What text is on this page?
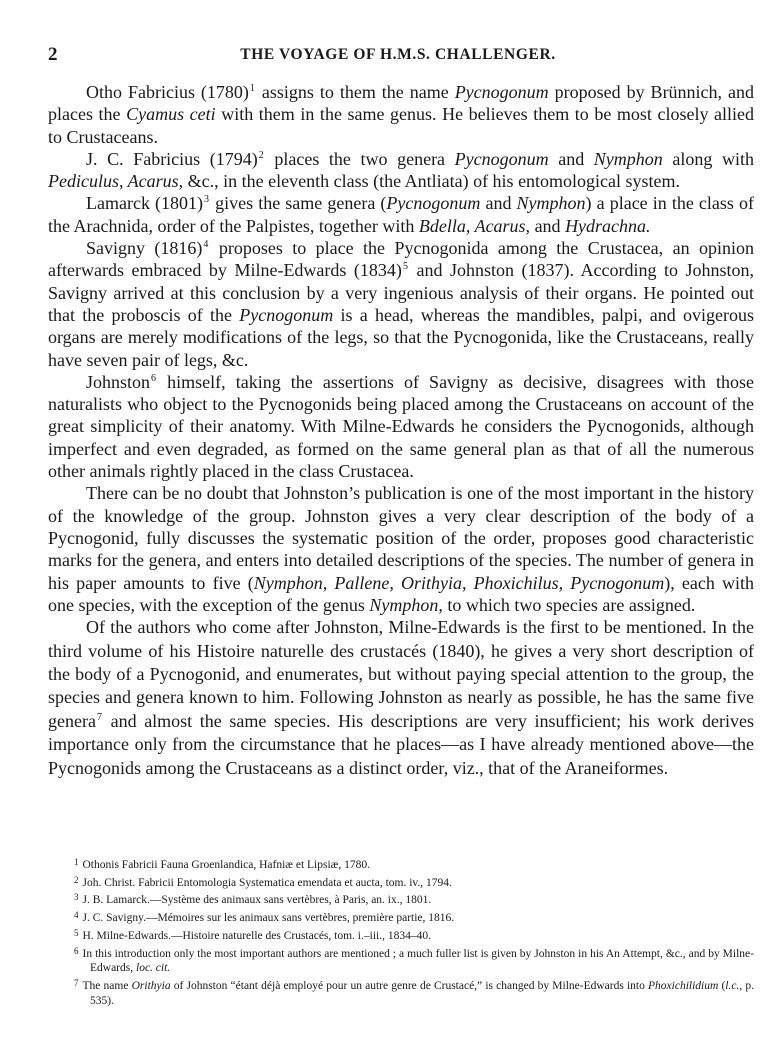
2	THE VOYAGE OF H.M.S. CHALLENGER.

Otho Fabricius $(1780)^1$ assigns to them the name Pycnogonum proposed by Brünnich, and places the Cyamus ceti with them in the same genus. He believes them to be most closely allied to Crustaceans.

J. C. Fabricius $(1794)^2$ places the two genera Pycnogonum and Nymphon along with Pediculus, Acarus, &c., in the eleventh class (the Antliata) of his entomological system.

Lamarck $(1801)^3$ gives the same genera (Pycnogonum and Nymphon) a place in the class of the Arachnida, order of the Palpistes, together with Bdella, Acarus, and Hydrachna.

Savigny $(1816)^4$ proposes to place the Pycnogonida among the Crustacea, an opinion afterwards embraced by Milne-Edwards $(1834)^5$ and Johnston (1837). According to Johnston, Savigny arrived at this conclusion by a very ingenious analysis of their organs. He pointed out that the proboscis of the Pycnogonum is a head, whereas the mandibles, palpi, and ovigerous organs are merely modifications of the legs, so that the Pycnogonida, like the Crustaceans, really have seven pair of legs, &c.

Johnston$^6$ himself, taking the assertions of Savigny as decisive, disagrees with those naturalists who object to the Pycnogonids being placed among the Crustaceans on account of the great simplicity of their anatomy. With Milne-Edwards he considers the Pycnogonids, although imperfect and even degraded, as formed on the same general plan as that of all the numerous other animals rightly placed in the class Crustacea.

There can be no doubt that Johnston’s publication is one of the most important in the history of the knowledge of the group. Johnston gives a very clear description of the body of a Pycnogonid, fully discusses the systematic position of the order, proposes good characteristic marks for the genera, and enters into detailed descriptions of the species. The number of genera in his paper amounts to five (Nymphon, Pallene, Orithyia, Phoxichilus, Pycnogonum), each with one species, with the exception of the genus Nymphon, to which two species are assigned.

Of the authors who come after Johnston, Milne-Edwards is the first to be mentioned. In the third volume of his Histoire naturelle des crustacés (1840), he gives a very short description of the body of a Pycnogonid, and enumerates, but without paying special attention to the group, the species and genera known to him. Following Johnston as nearly as possible, he has the same five genera$^7$ and almost the same species. His descriptions are very insufficient; his work derives importance only from the circumstance that he places—as I have already mentioned above—the Pycnogonids among the Crustaceans as a distinct order, viz., that of the Araneiformes.

$^1$ Othonis Fabricii Fauna Groenlandica, Hafniæ et Lipsiæ, 1780.

$^2$ Joh. Christ. Fabricii Entomologia Systematica emendata et aucta, tom. iv., 1794.

$^3$ J. B. Lamarck.—Système des animaux sans vertèbres, à Paris, an. ix., 1801.

$^4$ J. C. Savigny.—Mémoires sur les animaux sans vertèbres, première partie, 1816.

$^5$ H. Milne-Edwards.—Histoire naturelle des Crustacés, tom. i.–iii., 1834–40.

$^6$ In this introduction only the most important authors are mentioned ; a much fuller list is given by Johnston in his An Attempt, &c., and by Milne-Edwards, loc. cit.

$^7$ The name Orithyia of Johnston “étant déjà employé pour un autre genre de Crustacé,” is changed by Milne-Edwards into Phoxichilidium (l.c., p. 535).
